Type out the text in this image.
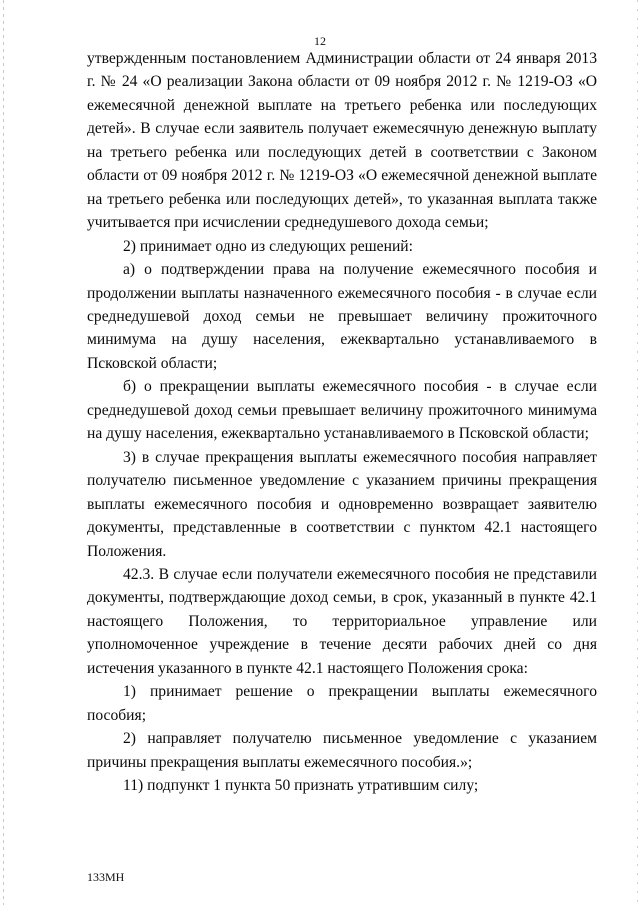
12

утвержденным постановлением Администрации области от 24 января 2013 г. № 24 «О реализации Закона области от 09 ноября 2012 г. № 1219-ОЗ «О ежемесячной денежной выплате на третьего ребенка или последующих детей». В случае если заявитель получает ежемесячную денежную выплату на третьего ребенка или последующих детей в соответствии с Законом области от 09 ноября 2012 г. № 1219-ОЗ «О ежемесячной денежной выплате на третьего ребенка или последующих детей», то указанная выплата также учитывается при исчислении среднедушевого дохода семьи;

2) принимает одно из следующих решений:

а) о подтверждении права на получение ежемесячного пособия и продолжении выплаты назначенного ежемесячного пособия - в случае если среднедушевой доход семьи не превышает величину прожиточного минимума на душу населения, ежеквартально устанавливаемого в Псковской области;

б) о прекращении выплаты ежемесячного пособия - в случае если среднедушевой доход семьи превышает величину прожиточного минимума на душу населения, ежеквартально устанавливаемого в Псковской области;

3) в случае прекращения выплаты ежемесячного пособия направляет получателю письменное уведомление с указанием причины прекращения выплаты ежемесячного пособия и одновременно возвращает заявителю документы, представленные в соответствии с пунктом 42.1 настоящего Положения.

42.3. В случае если получатели ежемесячного пособия не представили документы, подтверждающие доход семьи, в срок, указанный в пункте 42.1 настоящего Положения, то территориальное управление или уполномоченное учреждение в течение десяти рабочих дней со дня истечения указанного в пункте 42.1 настоящего Положения срока:

1) принимает решение о прекращении выплаты ежемесячного пособия;

2) направляет получателю письменное уведомление с указанием причины прекращения выплаты ежемесячного пособия.»;

11) подпункт 1 пункта 50 признать утратившим силу;

133МН
